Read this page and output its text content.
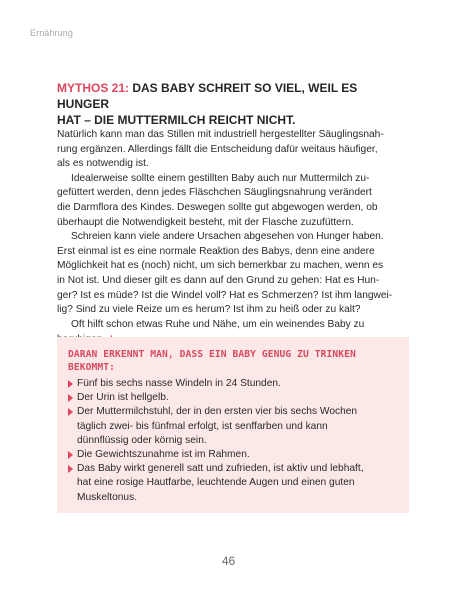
Ernährung
MYTHOS 21: DAS BABY SCHREIT SO VIEL, WEIL ES HUNGER
HAT – DIE MUTTERMILCH REICHT NICHT.

Natürlich kann man das Stillen mit industriell hergestellter Säuglingsnah-
rung ergänzen. Allerdings fällt die Entscheidung dafür weitaus häufiger,
als es notwendig ist.

Idealerweise sollte einem gestillten Baby auch nur Muttermilch zu-
gefüttert werden, denn jedes Fläschchen Säuglingsnahrung verändert
die Darmflora des Kindes. Deswegen sollte gut abgewogen werden, ob
überhaupt die Notwendigkeit besteht, mit der Flasche zuzufüttern.

Schreien kann viele andere Ursachen abgesehen von Hunger haben.
Erst einmal ist es eine normale Reaktion des Babys, denn eine andere
Möglichkeit hat es (noch) nicht, um sich bemerkbar zu machen, wenn es
in Not ist. Und dieser gilt es dann auf den Grund zu gehen: Hat es Hun-
ger? Ist es müde? Ist die Windel voll? Hat es Schmerzen? Ist ihm langwei-
lig? Sind zu viele Reize um es herum? Ist ihm zu heiß oder zu kalt?

Oft hilft schon etwas Ruhe und Nähe, um ein weinendes Baby zu

DARAN ERKENNT MAN, DASS EIN BABY GENUG ZU TRINKEN
BEKOMMT:
Fünf bis sechs nasse Windeln in 24 Stunden.
Der Urin ist hellgelb.
Der Muttermilchstuhl, der in den ersten vier bis sechs Wochen
täglich zwei- bis fünfmal erfolgt, ist senffarben und kann
dünnflüssig oder körnig sein.
Die Gewichtszunahme ist im Rahmen.
Das Baby wirkt generell satt und zufrieden, ist aktiv und lebhaft,
hat eine rosige Hautfarbe, leuchtende Augen und einen guten
Muskeltonus.
46
